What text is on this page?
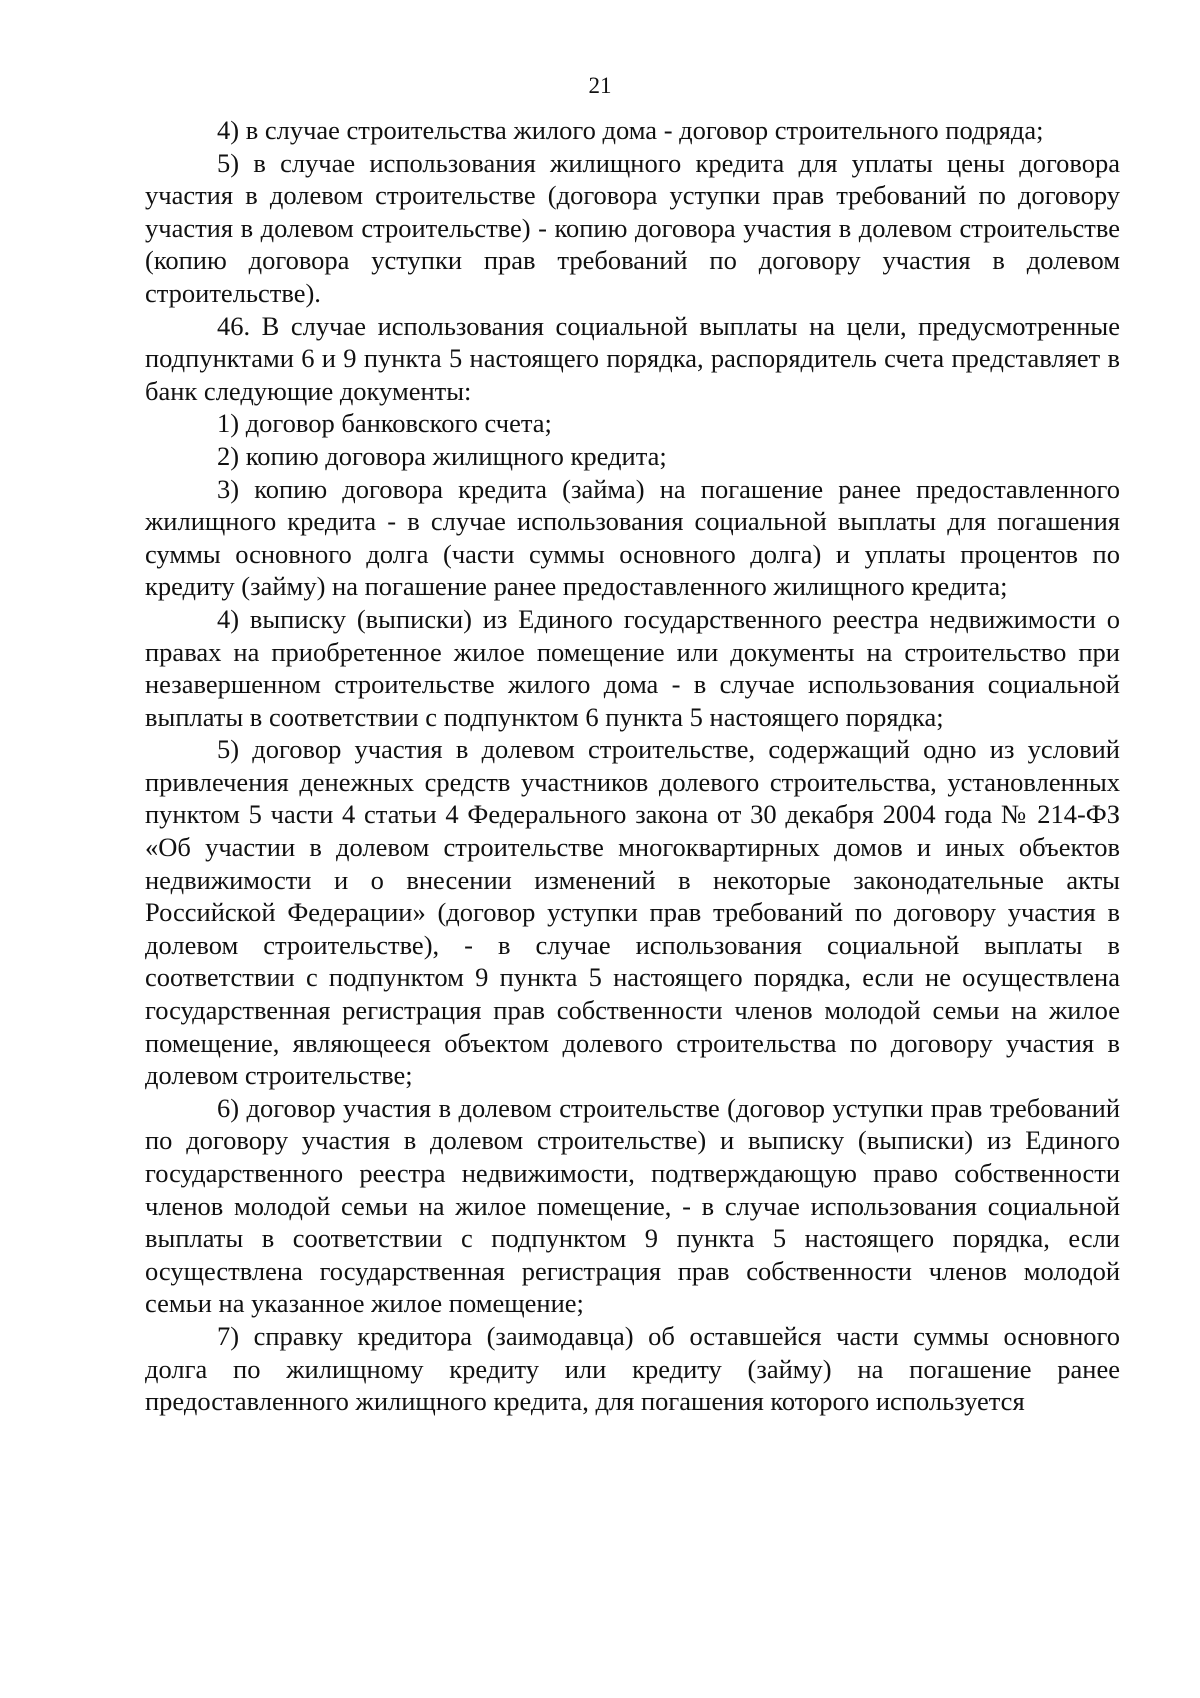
21

4) в случае строительства жилого дома - договор строительного подряда;

5) в случае использования жилищного кредита для уплаты цены договора участия в долевом строительстве (договора уступки прав требований по договору участия в долевом строительстве) - копию договора участия в долевом строительстве (копию договора уступки прав требований по договору участия в долевом строительстве).

46. В случае использования социальной выплаты на цели, предусмотренные подпунктами 6 и 9 пункта 5 настоящего порядка, распорядитель счета представляет в банк следующие документы:

1) договор банковского счета;

2) копию договора жилищного кредита;

3) копию договора кредита (займа) на погашение ранее предоставленного жилищного кредита - в случае использования социальной выплаты для погашения суммы основного долга (части суммы основного долга) и уплаты процентов по кредиту (займу) на погашение ранее предоставленного жилищного кредита;

4) выписку (выписки) из Единого государственного реестра недвижимости о правах на приобретенное жилое помещение или документы на строительство при незавершенном строительстве жилого дома - в случае использования социальной выплаты в соответствии с подпунктом 6 пункта 5 настоящего порядка;

5) договор участия в долевом строительстве, содержащий одно из условий привлечения денежных средств участников долевого строительства, установленных пунктом 5 части 4 статьи 4 Федерального закона от 30 декабря 2004 года № 214-ФЗ «Об участии в долевом строительстве многоквартирных домов и иных объектов недвижимости и о внесении изменений в некоторые законодательные акты Российской Федерации» (договор уступки прав требований по договору участия в долевом строительстве), - в случае использования социальной выплаты в соответствии с подпунктом 9 пункта 5 настоящего порядка, если не осуществлена государственная регистрация прав собственности членов молодой семьи на жилое помещение, являющееся объектом долевого строительства по договору участия в долевом строительстве;

6) договор участия в долевом строительстве (договор уступки прав требований по договору участия в долевом строительстве) и выписку (выписки) из Единого государственного реестра недвижимости, подтверждающую право собственности членов молодой семьи на жилое помещение, - в случае использования социальной выплаты в соответствии с подпунктом 9 пункта 5 настоящего порядка, если осуществлена государственная регистрация прав собственности членов молодой семьи на указанное жилое помещение;

7) справку кредитора (заимодавца) об оставшейся части суммы основного долга по жилищному кредиту или кредиту (займу) на погашение ранее предоставленного жилищного кредита, для погашения которого используется
